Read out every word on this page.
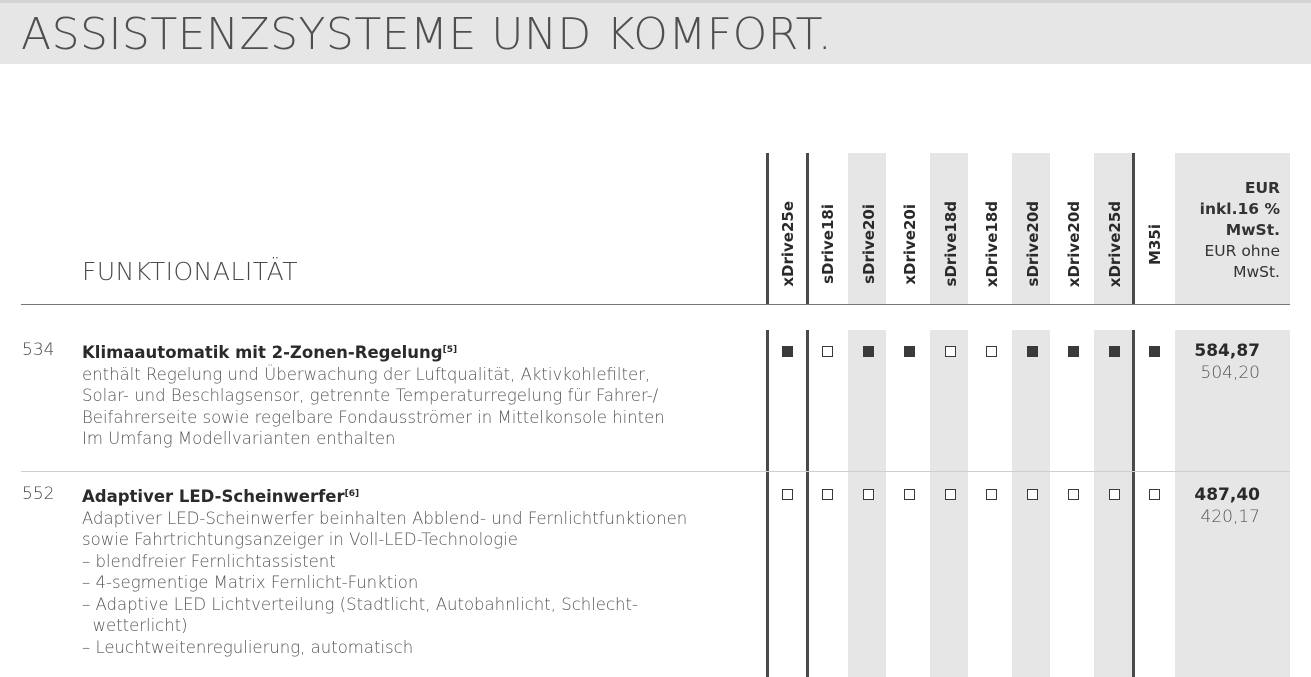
ASSISTENZSYSTEME UND KOMFORT.
FUNKTIONALITÄT	xDrive25e sDrive18i sDrive20i xDrive20i sDrive18d xDrive18d sDrive20d xDrive20d xDrive25d M35i
EUR
inkl.16 %
MwSt.
EUR ohne
MwSt.
534 Klimaautomatik mit 2-Zonen-Regelung[5]
enthält Regelung und Überwachung der Luftqualität, Aktivkohlefilter,
Solar- und Beschlagsensor, getrennte Temperaturregelung für Fahrer-/
Beifahrerseite sowie regelbare Fondausströmer in Mittelkonsole hinten
Im Umfang Modellvarianten enthalten
584,87
504,20
552 Adaptiver LED-Scheinwerfer[6]
Adaptiver LED-Scheinwerfer beinhalten Abblend- und Fernlichtfunktionen
sowie Fahrtrichtungsanzeiger in Voll-LED-Technologie
– blendfreier Fernlichtassistent
– 4-segmentige Matrix Fernlicht-Funktion
– Adaptive LED Lichtverteilung (Stadtlicht, Autobahnlicht, Schlecht-
wetterlicht)
– Leuchtweitenregulierung, automatisch
487,40
420,17
